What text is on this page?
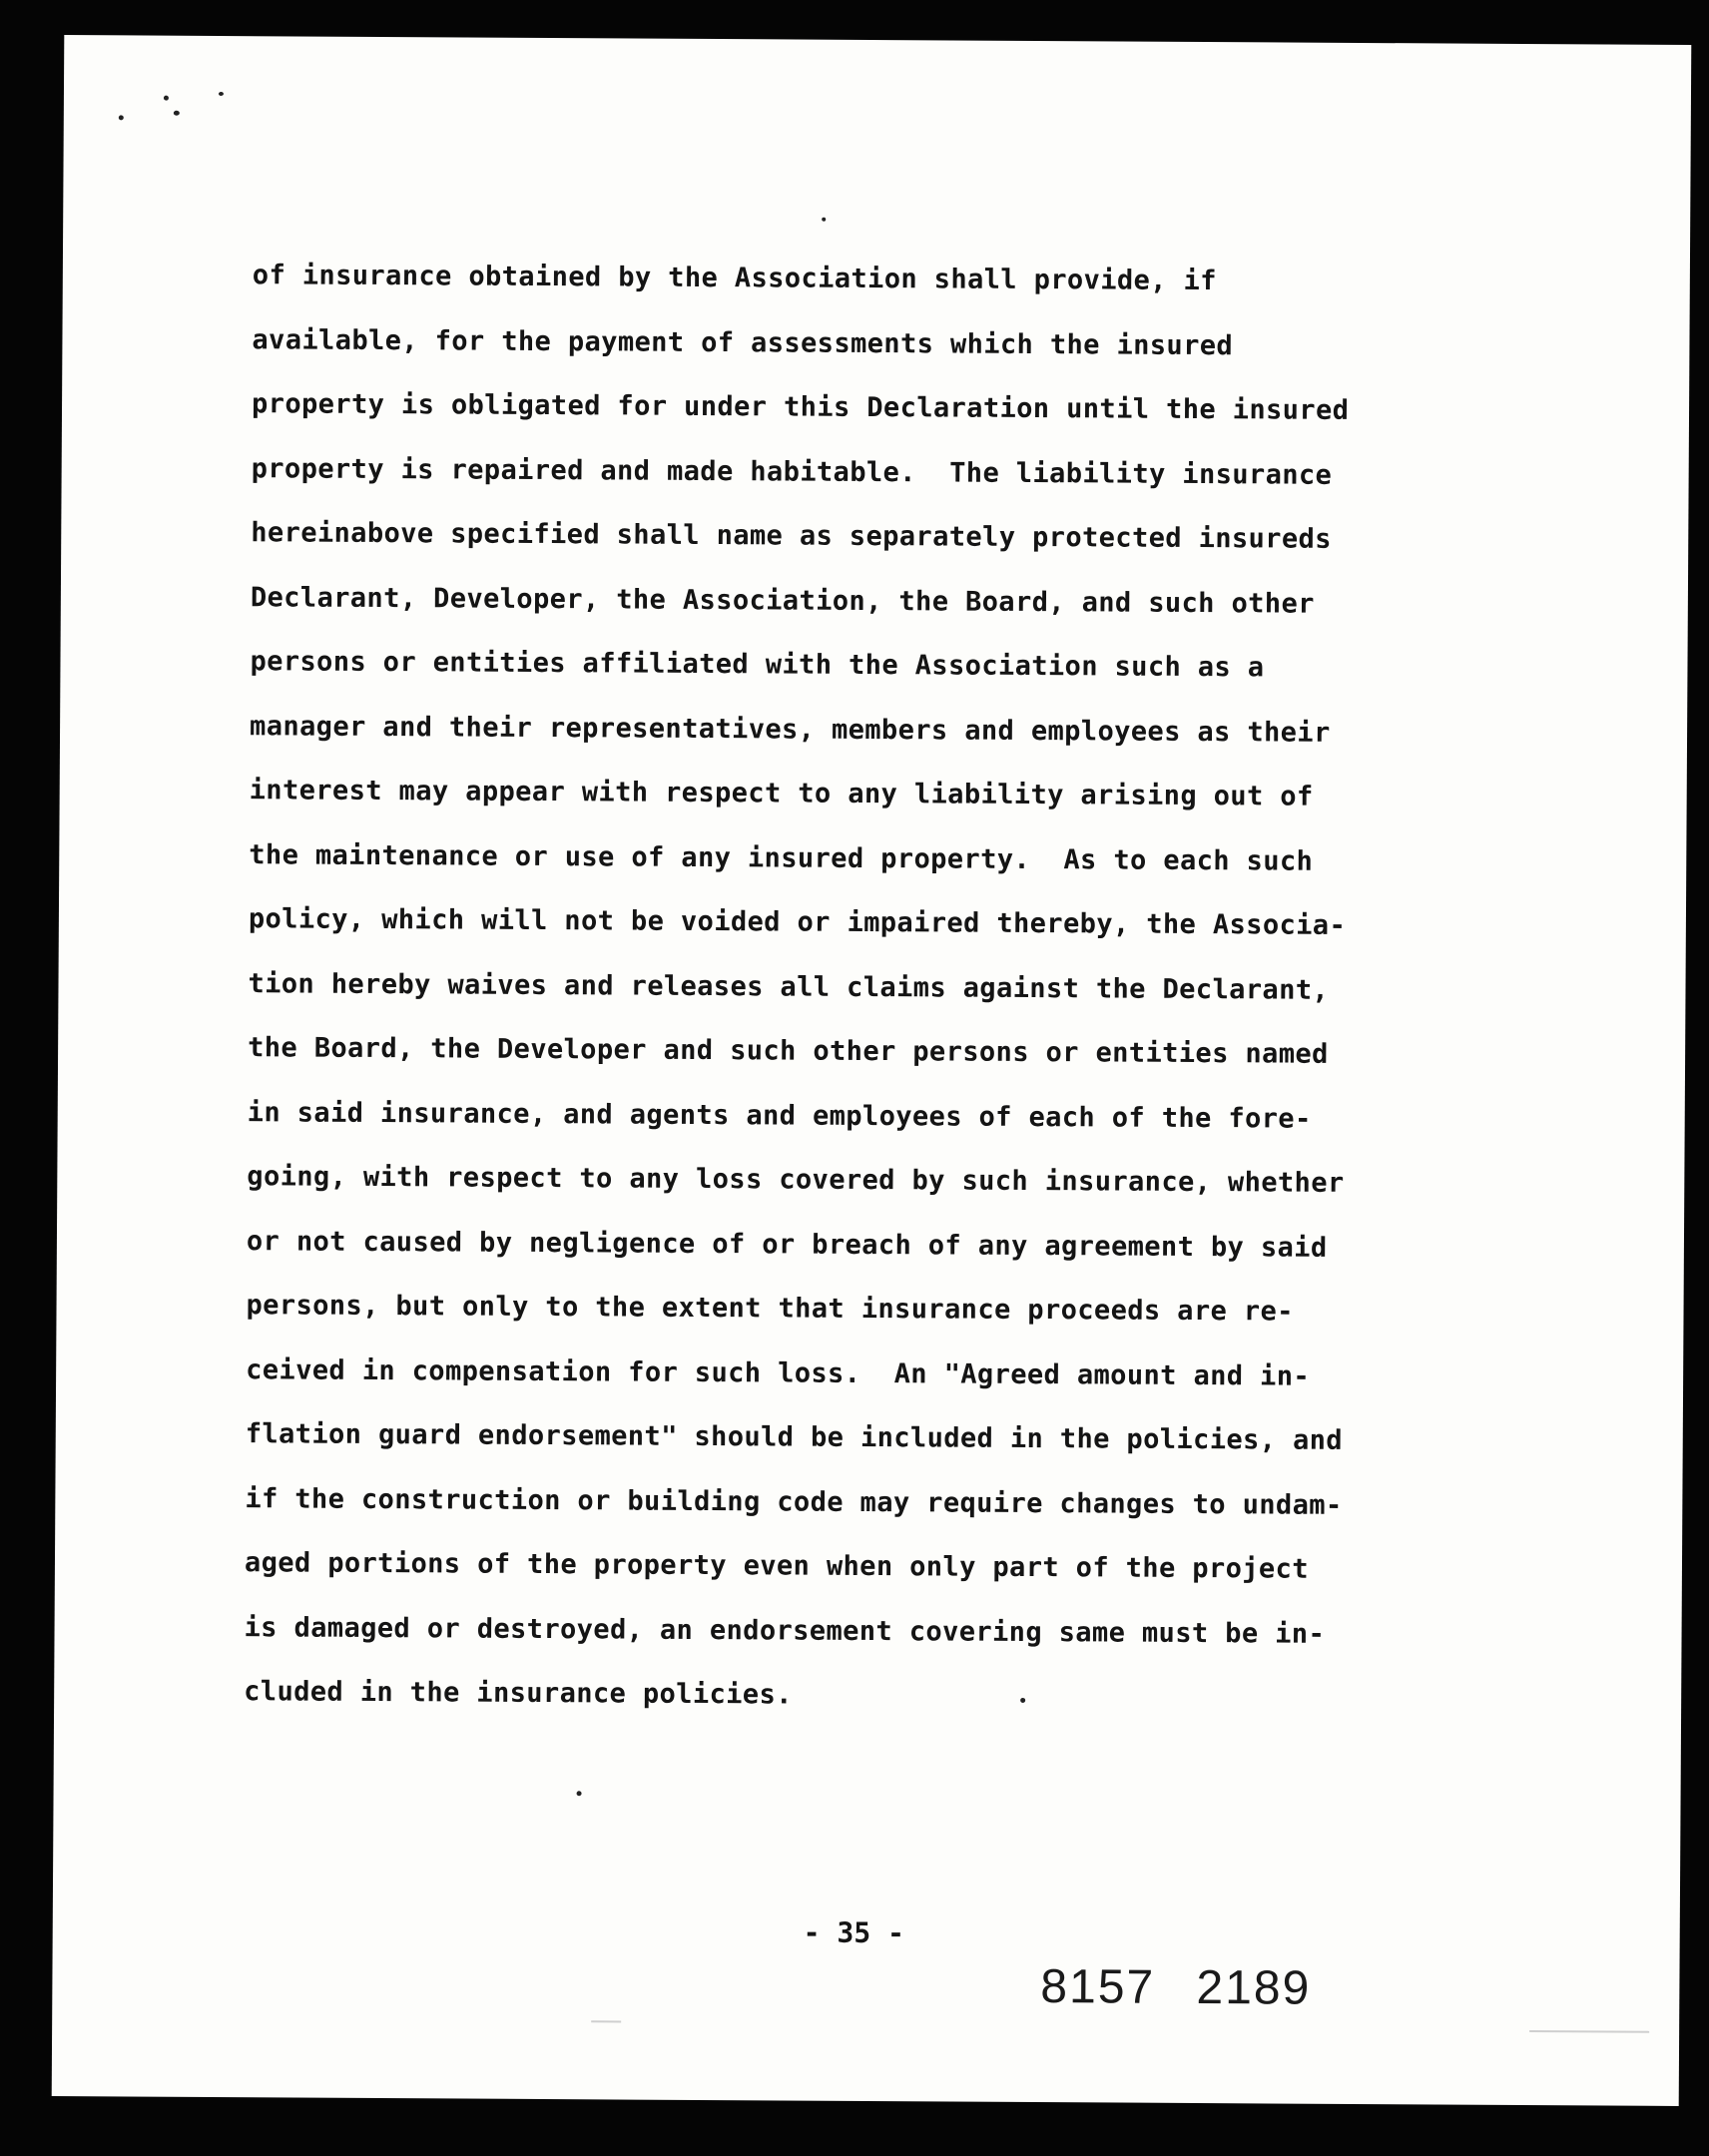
of insurance obtained by the Association shall provide, if
available, for the payment of assessments which the insured
property is obligated for under this Declaration until the insured
property is repaired and made habitable.  The liability insurance
hereinabove specified shall name as separately protected insureds
Declarant, Developer, the Association, the Board, and such other
persons or entities affiliated with the Association such as a
manager and their representatives, members and employees as their
interest may appear with respect to any liability arising out of
the maintenance or use of any insured property.  As to each such
policy, which will not be voided or impaired thereby, the Associa-
tion hereby waives and releases all claims against the Declarant,
the Board, the Developer and such other persons or entities named
in said insurance, and agents and employees of each of the fore-
going, with respect to any loss covered by such insurance, whether
or not caused by negligence of or breach of any agreement by said
persons, but only to the extent that insurance proceeds are re-
ceived in compensation for such loss.  An "Agreed amount and in-
flation guard endorsement" should be included in the policies, and
if the construction or building code may require changes to undam-
aged portions of the property even when only part of the project
is damaged or destroyed, an endorsement covering same must be in-
cluded in the insurance policies.
- 35 -
8157 2189
